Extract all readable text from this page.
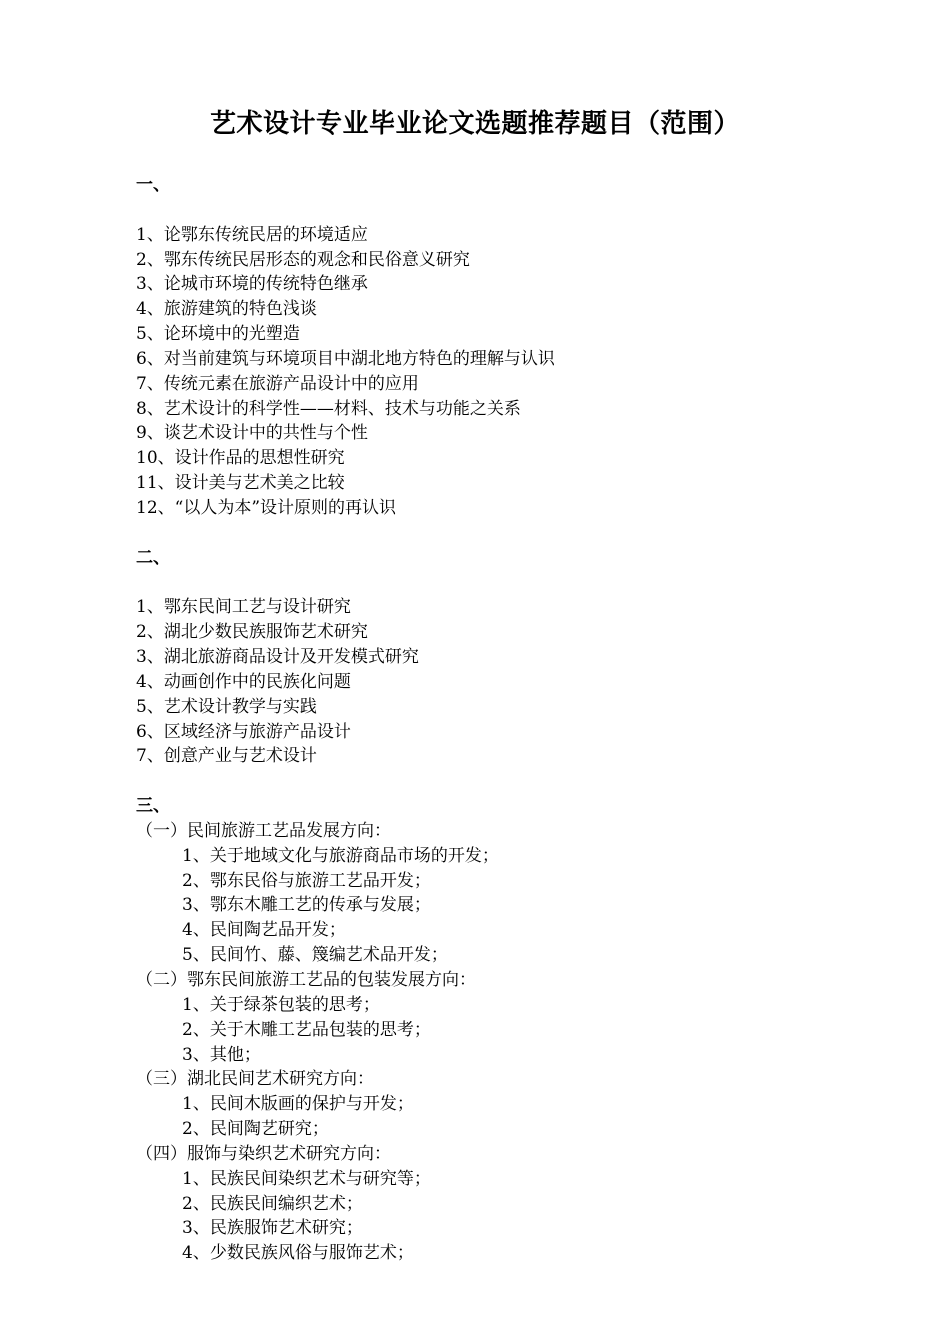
艺术设计专业毕业论文选题推荐题目（范围）
一、
1、论鄂东传统民居的环境适应
2、鄂东传统民居形态的观念和民俗意义研究
3、论城市环境的传统特色继承
4、旅游建筑的特色浅谈
5、论环境中的光塑造
6、对当前建筑与环境项目中湖北地方特色的理解与认识
7、传统元素在旅游产品设计中的应用
8、艺术设计的科学性——材料、技术与功能之关系
9、谈艺术设计中的共性与个性
10、设计作品的思想性研究
11、设计美与艺术美之比较
12、“以人为本”设计原则的再认识
二、
1、鄂东民间工艺与设计研究
2、湖北少数民族服饰艺术研究
3、湖北旅游商品设计及开发模式研究
4、动画创作中的民族化问题
5、艺术设计教学与实践
6、区域经济与旅游产品设计
7、创意产业与艺术设计
三、
（一）民间旅游工艺品发展方向：
1、关于地域文化与旅游商品市场的开发；
2、鄂东民俗与旅游工艺品开发；
3、鄂东木雕工艺的传承与发展；
4、民间陶艺品开发；
5、民间竹、藤、篾编艺术品开发；
（二）鄂东民间旅游工艺品的包装发展方向：
1、关于绿茶包装的思考；
2、关于木雕工艺品包装的思考；
3、其他；
（三）湖北民间艺术研究方向：
1、民间木版画的保护与开发；
2、民间陶艺研究；
（四）服饰与染织艺术研究方向：
1、民族民间染织艺术与研究等；
2、民族民间编织艺术；
3、民族服饰艺术研究；
4、少数民族风俗与服饰艺术；
